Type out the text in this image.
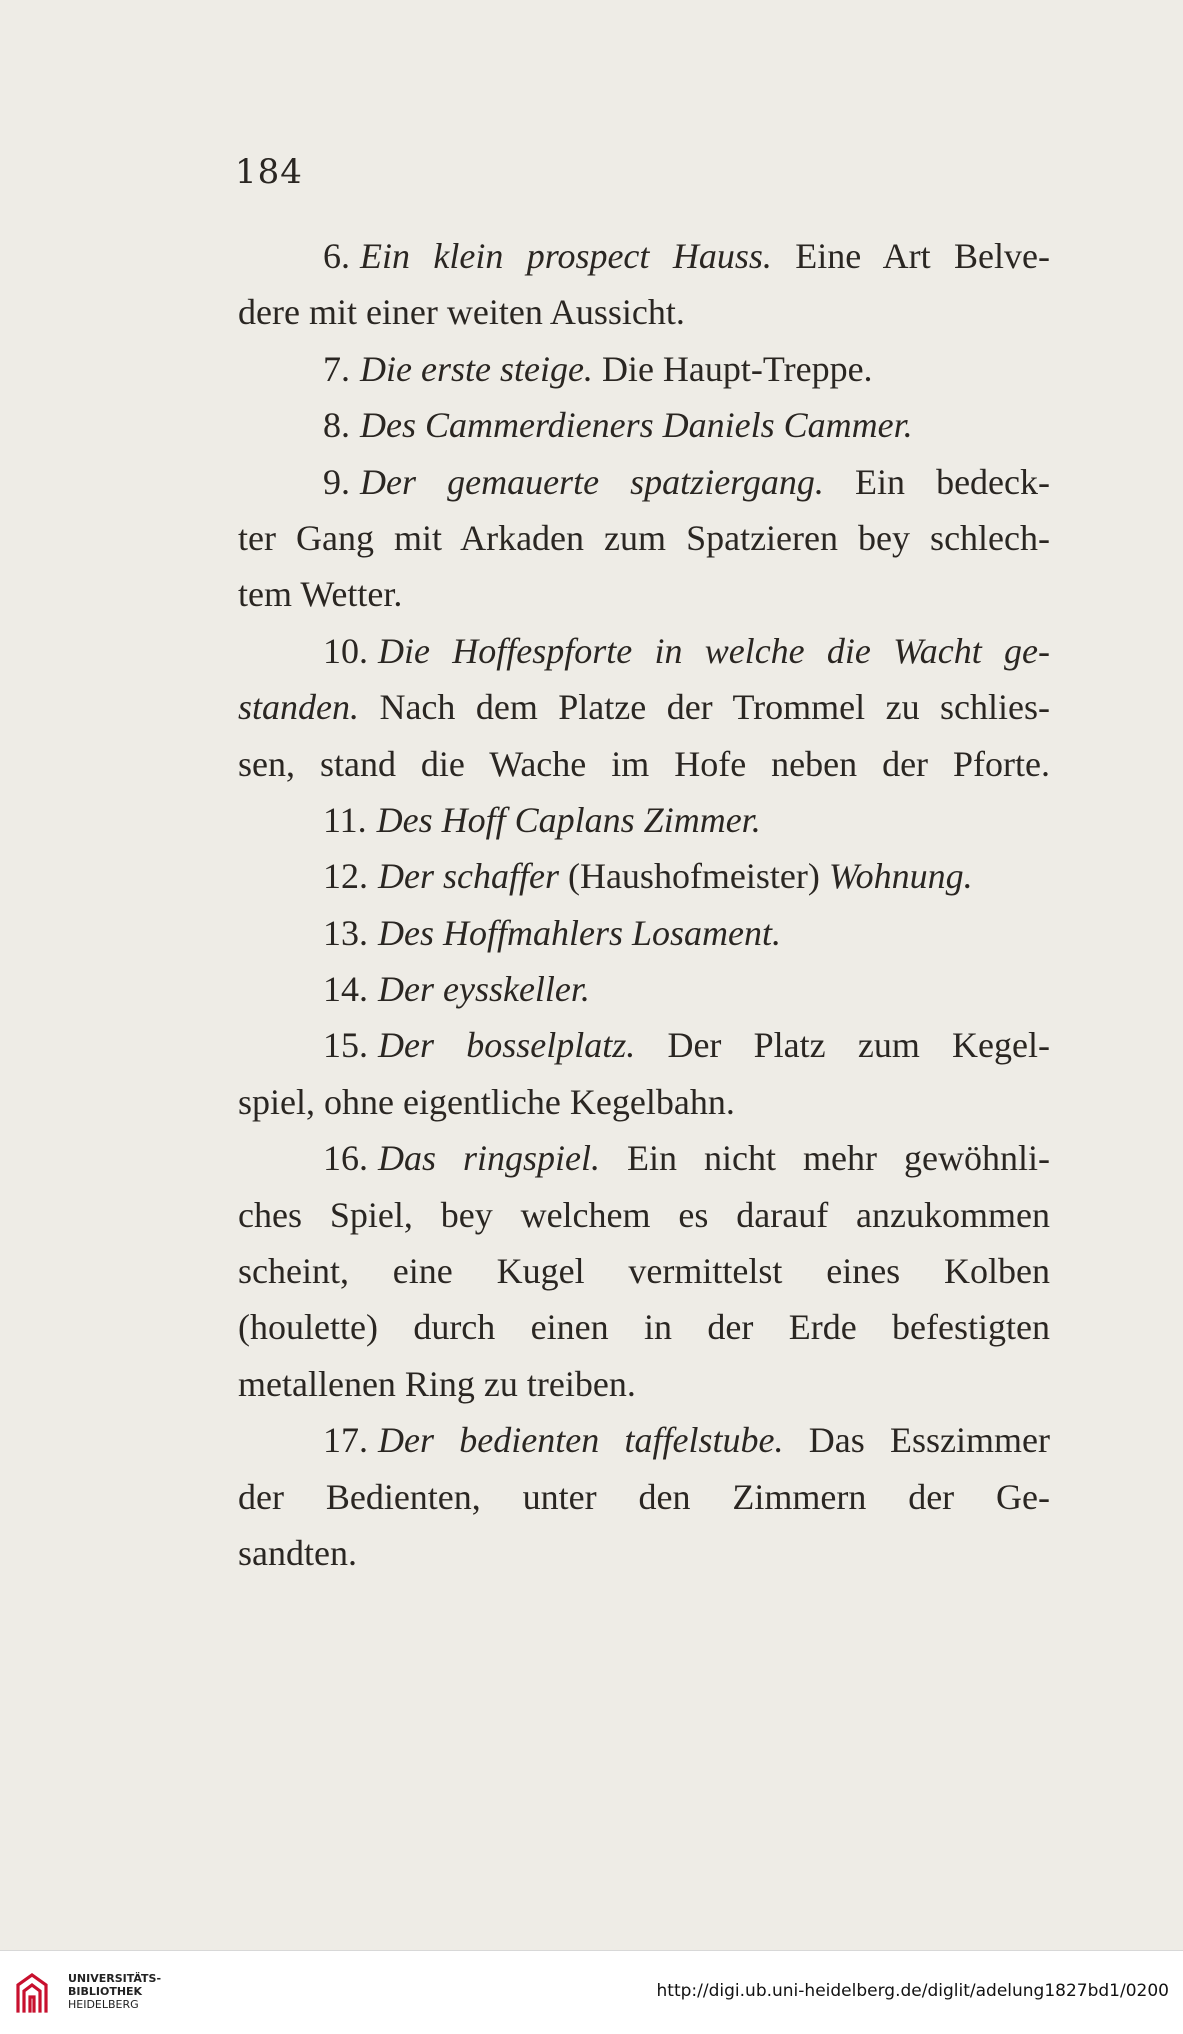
184
6. Ein klein prospect Hauss. Eine Art Belve-
dere mit einer weiten Aussicht.
7. Die erste steige. Die Haupt-Treppe.
8. Des Cammerdieners Daniels Cammer.
9. Der gemauerte spatziergang. Ein bedeck-
ter Gang mit Arkaden zum Spatzieren bey schlech-
tem Wetter.
10. Die Hoffespforte in welche die Wacht ge-
standen. Nach dem Platze der Trommel zu schlies-
sen, stand die Wache im Hofe neben der Pforte.
11. Des Hoff Caplans Zimmer.
12. Der schaffer (Haushofmeister) Wohnung.
13. Des Hoffmahlers Losament.
14. Der eysskeller.
15. Der bosselplatz. Der Platz zum Kegel-
spiel, ohne eigentliche Kegelbahn.
16. Das ringspiel. Ein nicht mehr gewöhnli-
ches Spiel, bey welchem es darauf anzukommen
scheint, eine Kugel vermittelst eines Kolben
(houlette) durch einen in der Erde befestigten
metallenen Ring zu treiben.
17. Der bedienten taffelstube. Das Esszimmer
der Bedienten, unter den Zimmern der Ge-
sandten.
UNIVERSITÄTS-
BIBLIOTHEK
HEIDELBERG
http://digi.ub.uni-heidelberg.de/diglit/adelung1827bd1/0200
